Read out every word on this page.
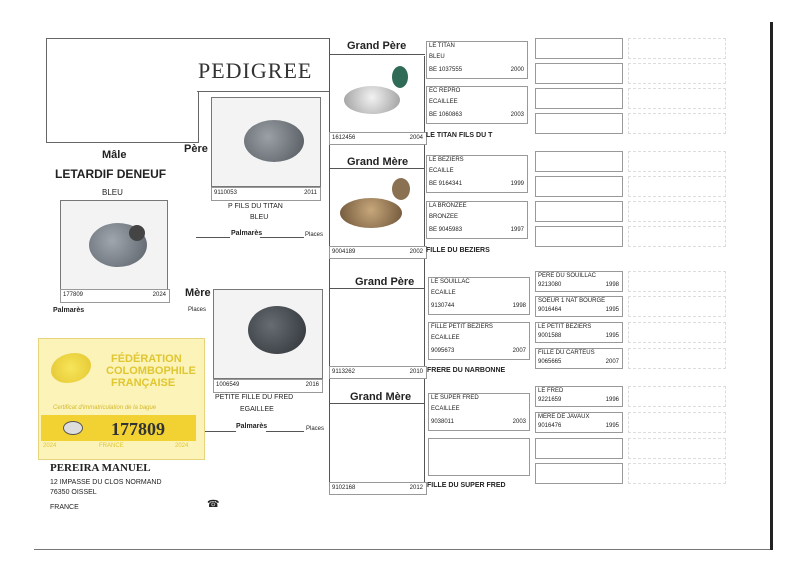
PEDIGREE
Mâle
LETARDIF DENEUF
BLEU
177809	2024
Palmarès
Père
9110053	2011
P FILS DU TITAN
BLEU
Palmarès	Places
Mère
Places
1006549	2016
PETITE FILLE DU FRED
EGAILLEE
Palmarès	Places
Grand Père
1612456	2004 LE TITAN FILS DU T
LE TITAN
BLEU
BE 1037555	2000
EC REPRO
ECAILLEE
BE 1060863	2003
Grand Mère
9004189	2002 FILLE DU BEZIERS
LE BEZIERS
ECAILLE
BE 9164341	1999
LA BRONZEE
BRONZEE
BE 9045983	1997
Grand Père
9113262	2010 FRERE DU NARBONNE
LE SOUILLAC
ECAILLE
9130744	1998
FILLE PETIT BEZIERS
ECAILLEE
9095673	2007
Grand Mère
9102168	2012 FILLE DU SUPER FRED
LE SUPER FRED
ECAILLEE
9038011	2003
PERE DU SOUILLAC
9213080	1998
SOEUR 1 NAT BOURGE
9016464	1995
LE PETIT BEZIERS
9001588	1995
FILLE DU CARTEUS
9065665	2007
LE FRED
9221659	1996
MERE DE JAVAUX
9016476	1995
FÉDÉRATION
COLOMBOPHILE
FRANÇAISE
Certificat d'immatriculation de la bague
177809
2024	FRANCE	2024
PEREIRA MANUEL
12 IMPASSE DU CLOS NORMAND
76350 OISSEL
FRANCE	☎
